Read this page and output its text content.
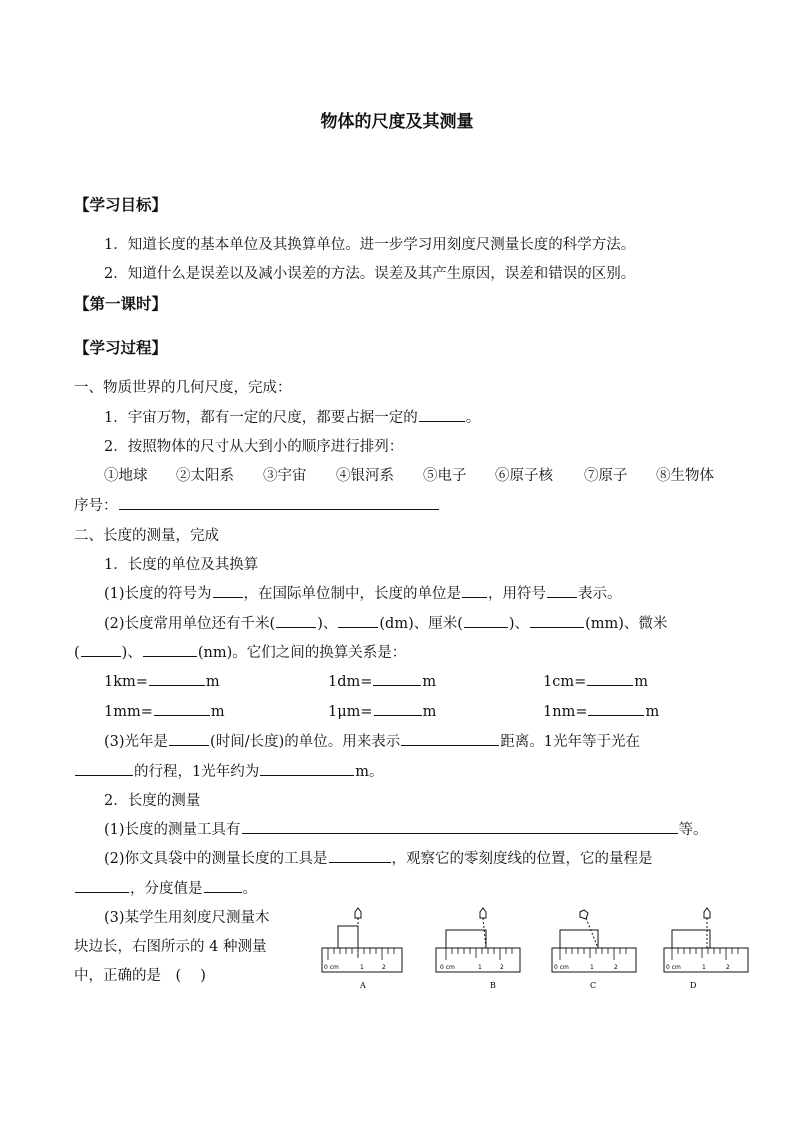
物体的尺度及其测量
【学习目标】
1．知道长度的基本单位及其换算单位。进一步学习用刻度尺测量长度的科学方法。
2．知道什么是误差以及减小误差的方法。误差及其产生原因，误差和错误的区别。
【第一课时】
【学习过程】
一、物质世界的几何尺度，完成：
1．宇宙万物，都有一定的尺度，都要占据一定的	。
2．按照物体的尺寸从大到小的顺序进行排列：
①地球 ②太阳系 ③宇宙 ④银河系 ⑤电子 ⑥原子核 ⑦原子 ⑧生物体
序号：
二、长度的测量，完成
1．长度的单位及其换算
(1)长度的符号为 ，在国际单位制中，长度的单位是 ，用符号 表示。
(2)长度常用单位还有千米(	)、	(dm)、厘米(	)、	(mm)、微米
(	)、	(nm)。它们之间的换算关系是：
1km=	m	1dm=	m	1cm=	m
1mm=	m	1μm=	m	1nm=	m
(3)光年是	(时间/长度)的单位。用来表示	距离。1光年等于光在
的行程，1光年约为	m。
2．长度的测量
(1)长度的测量工具有	等。
(2)你文具袋中的测量长度的工具是	，观察它的零刻度线的位置，它的量程是
，分度值是	。
(3)某学生用刻度尺测量木
块边长，右图所示的 4 种测量
中，正确的是　(　 )
0 cm	1	2
A
0 cm	1	2
B
0 cm	1	2
C
0 cm	1	2
D
